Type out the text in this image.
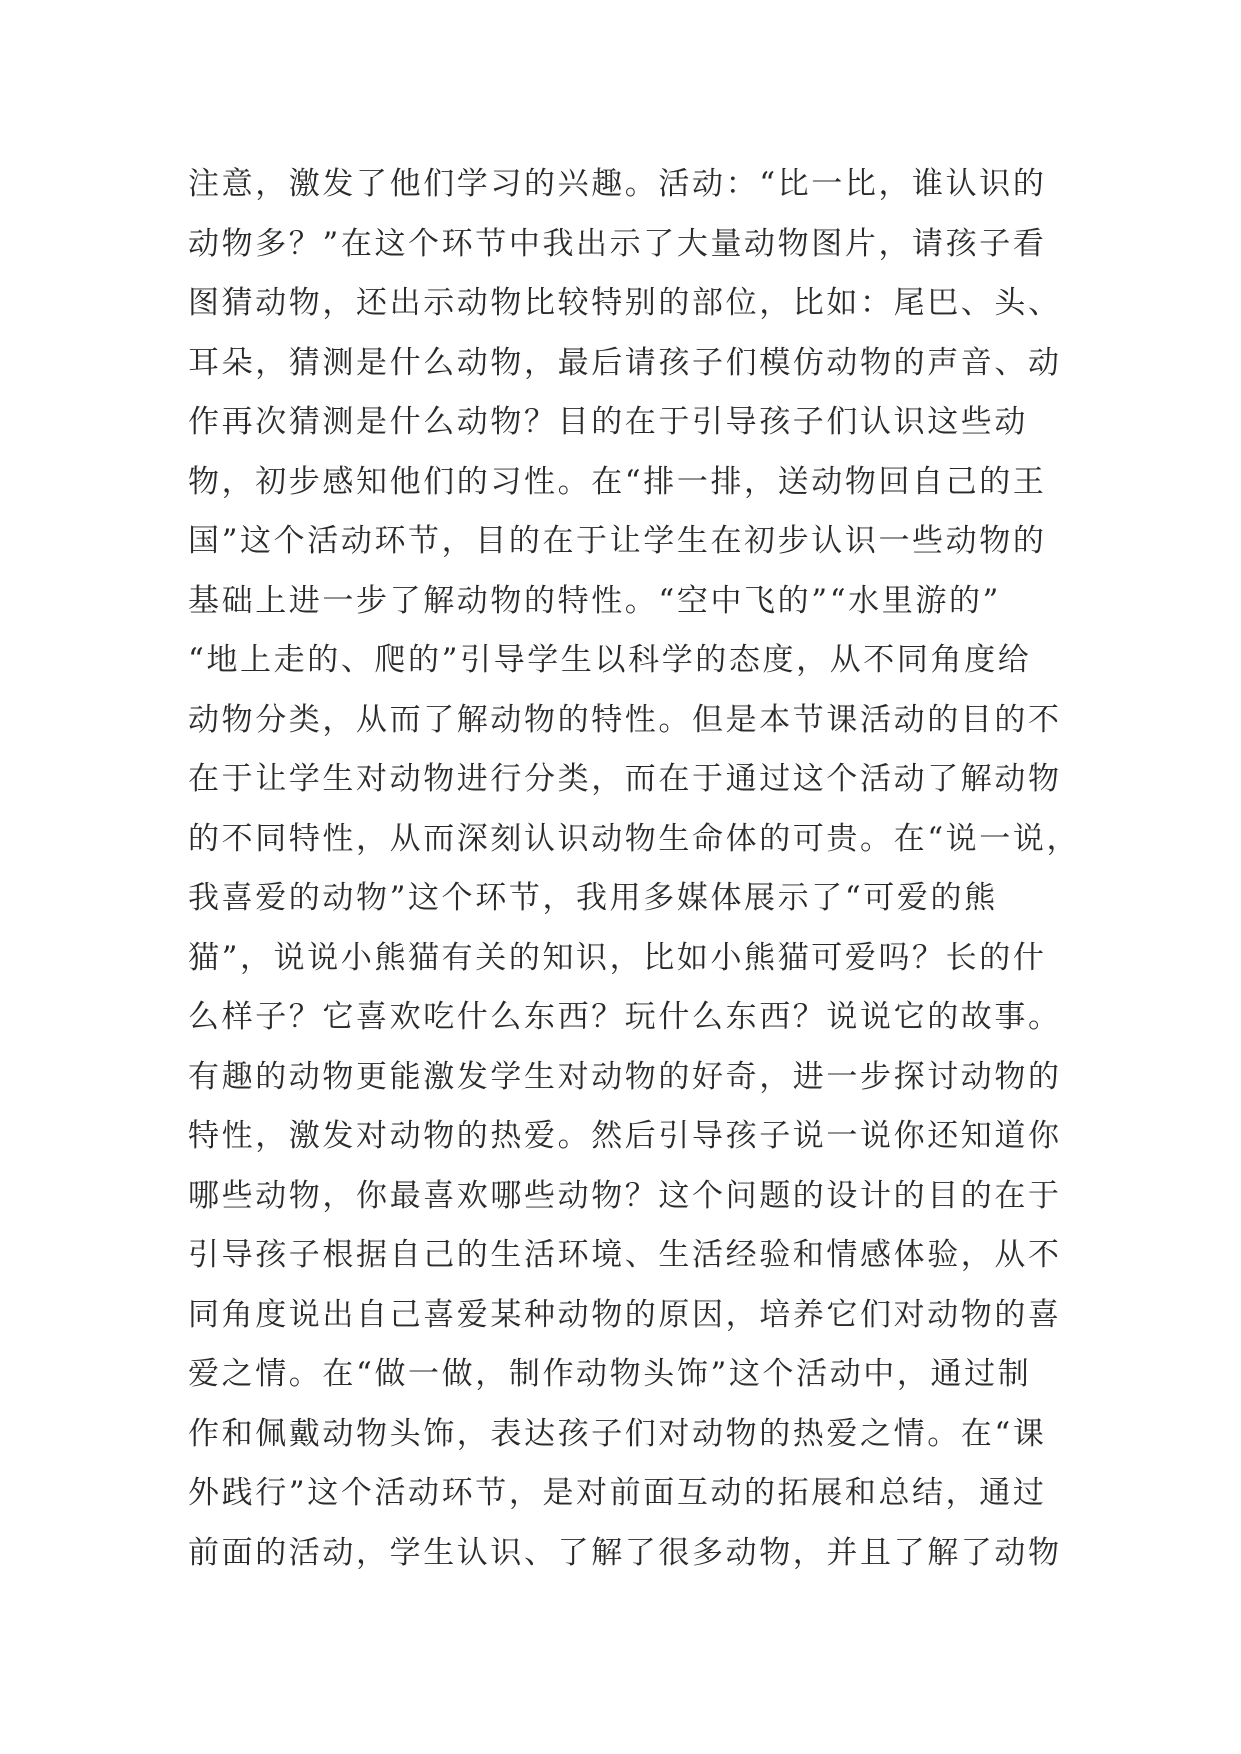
注意，激发了他们学习的兴趣。活动：“比一比，谁认识的
动物多？”在这个环节中我出示了大量动物图片，请孩子看
图猜动物，还出示动物比较特别的部位，比如：尾巴、头、
耳朵，猜测是什么动物，最后请孩子们模仿动物的声音、动
作再次猜测是什么动物？目的在于引导孩子们认识这些动
物，初步感知他们的习性。在“排一排，送动物回自己的王
国”这个活动环节，目的在于让学生在初步认识一些动物的
基础上进一步了解动物的特性。“空中飞的”“水里游的”
“地上走的、爬的”引导学生以科学的态度，从不同角度给
动物分类，从而了解动物的特性。但是本节课活动的目的不
在于让学生对动物进行分类，而在于通过这个活动了解动物
的不同特性，从而深刻认识动物生命体的可贵。在“说一说，
我喜爱的动物”这个环节，我用多媒体展示了“可爱的熊
猫”，说说小熊猫有关的知识，比如小熊猫可爱吗？长的什
么样子？它喜欢吃什么东西？玩什么东西？说说它的故事。
有趣的动物更能激发学生对动物的好奇，进一步探讨动物的
特性，激发对动物的热爱。然后引导孩子说一说你还知道你
哪些动物，你最喜欢哪些动物？这个问题的设计的目的在于
引导孩子根据自己的生活环境、生活经验和情感体验，从不
同角度说出自己喜爱某种动物的原因，培养它们对动物的喜
爱之情。在“做一做，制作动物头饰”这个活动中，通过制
作和佩戴动物头饰，表达孩子们对动物的热爱之情。在“课
外践行”这个活动环节，是对前面互动的拓展和总结，通过
前面的活动，学生认识、了解了很多动物，并且了解了动物
